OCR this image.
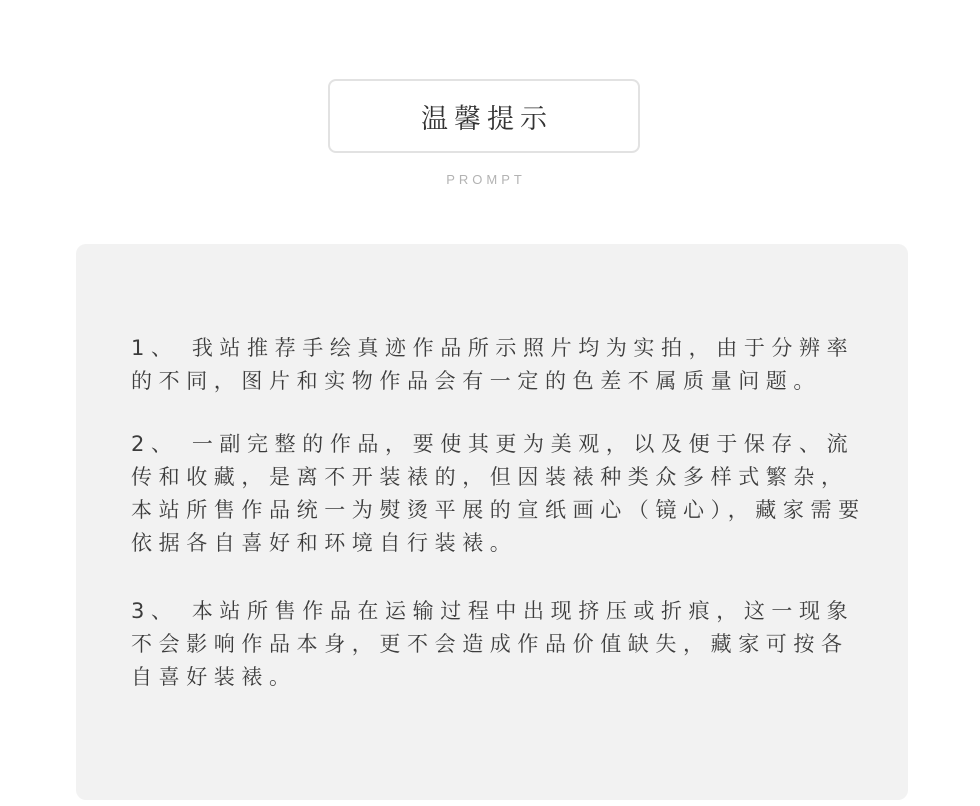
温馨提示
PROMPT

1、 我站推荐手绘真迹作品所示照片均为实拍，由于分辨率的不同，图片和实物作品会有一定的色差不属质量问题。

2、 一副完整的作品，要使其更为美观，以及便于保存、流传和收藏，是离不开装裱的，但因装裱种类众多样式繁杂，本站所售作品统一为熨烫平展的宣纸画心（镜心），藏家需要依据各自喜好和环境自行装裱。

3、 本站所售作品在运输过程中出现挤压或折痕，这一现象不会影响作品本身，更不会造成作品价值缺失，藏家可按各自喜好装裱。
